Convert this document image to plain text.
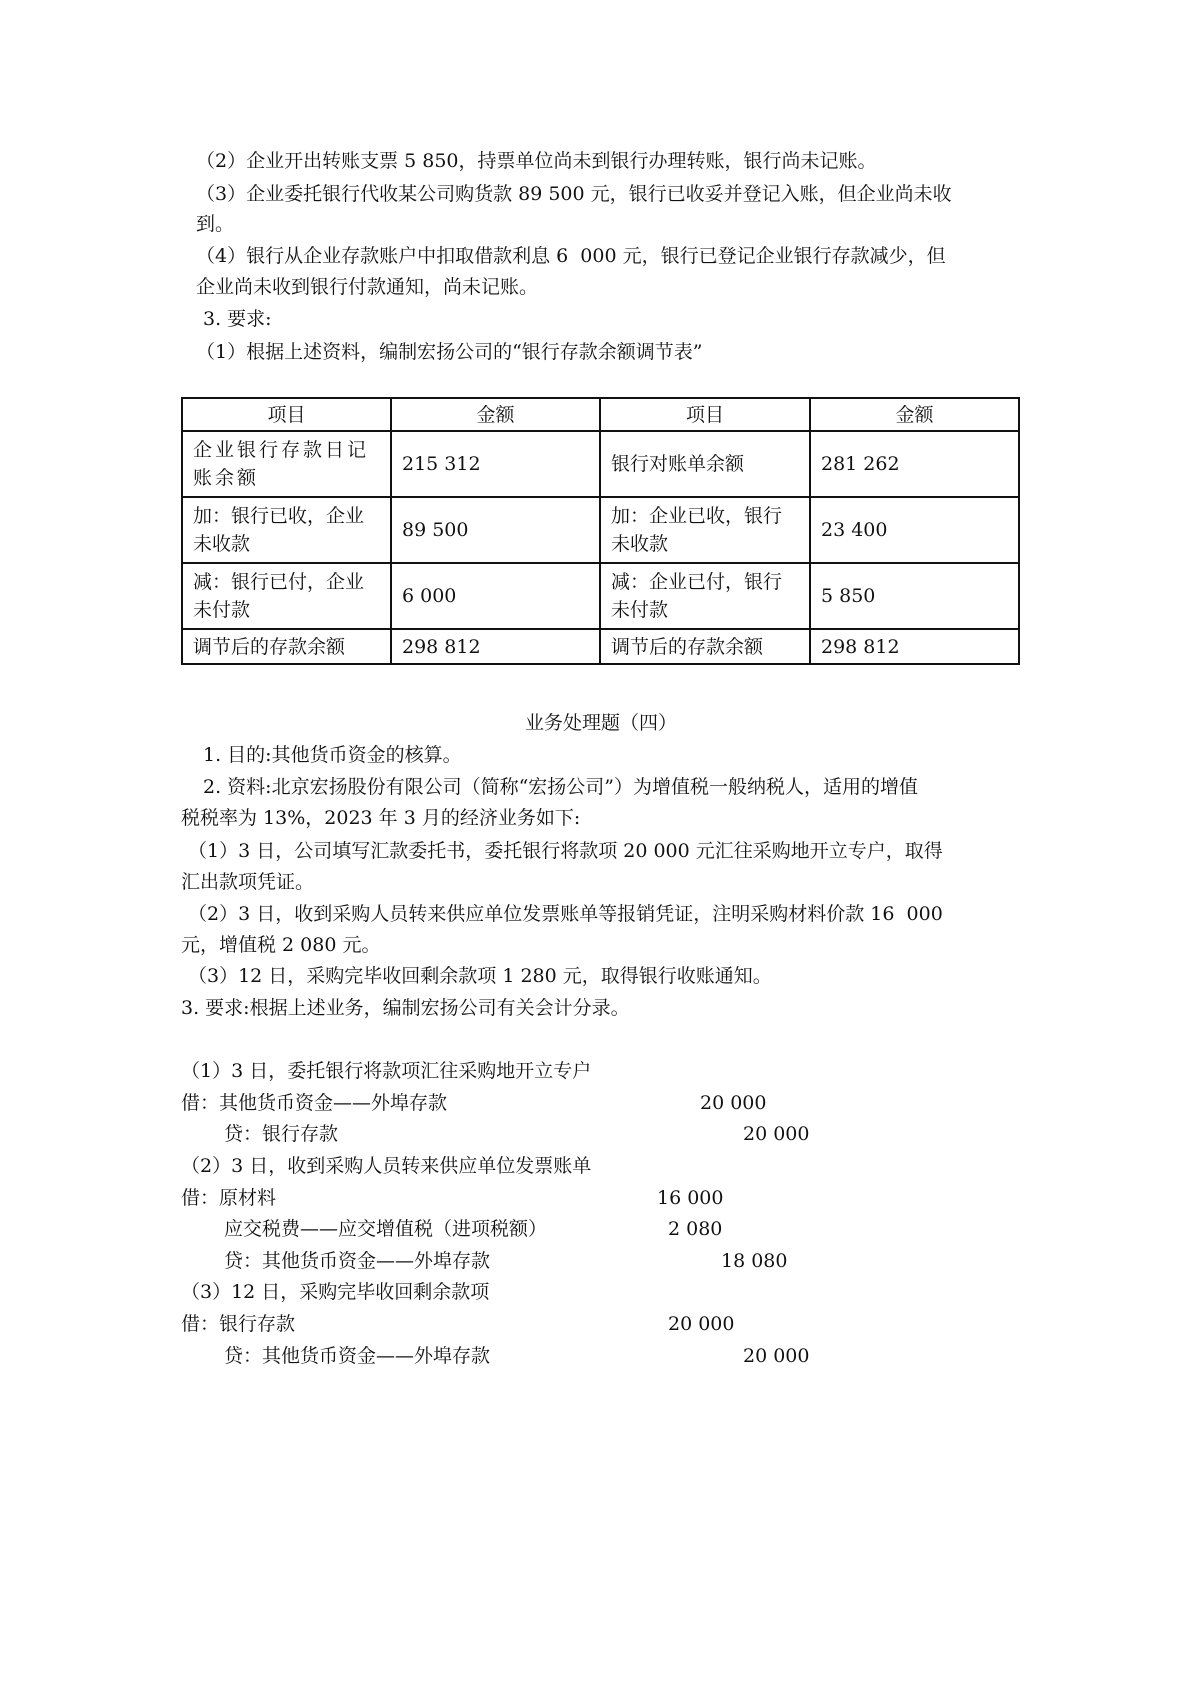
（2）企业开出转账支票 5 850，持票单位尚未到银行办理转账，银行尚未记账。
（3）企业委托银行代收某公司购货款 89 500 元，银行已收妥并登记入账，但企业尚未收
到。
（4）银行从企业存款账户中扣取借款利息 6  000 元，银行已登记企业银行存款减少，但
企业尚未收到银行付款通知，尚未记账。
3. 要求:
（1）根据上述资料，编制宏扬公司的“银行存款余额调节表”
项目	金额	项目	金额
企业银行存款日记账余额	215 312	银行对账单余额	281 262
加：银行已收，企业未收款	89 500	加：企业已收，银行未收款	23 400
减：银行已付，企业未付款	6 000	减：企业已付，银行未付款	5 850
调节后的存款余额	298 812	调节后的存款余额	298 812
业务处理题（四）
1. 目的:其他货币资金的核算。
2. 资料:北京宏扬股份有限公司（简称“宏扬公司”）为增值税一般纳税人，适用的增值
税税率为 13%，2023 年 3 月的经济业务如下:
（1）3 日，公司填写汇款委托书，委托银行将款项 20 000 元汇往采购地开立专户，取得
汇出款项凭证。
（2）3 日，收到采购人员转来供应单位发票账单等报销凭证，注明采购材料价款 16  000
元，增值税 2 080 元。
（3）12 日，采购完毕收回剩余款项 1 280 元，取得银行收账通知。
3. 要求:根据上述业务，编制宏扬公司有关会计分录。
（1）3 日，委托银行将款项汇往采购地开立专户
借：其他货币资金——外埠存款	20 000
贷：银行存款	20 000
（2）3 日，收到采购人员转来供应单位发票账单
借：原材料	16 000
应交税费——应交增值税（进项税额）	2 080
贷：其他货币资金——外埠存款	18 080
（3）12 日，采购完毕收回剩余款项
借：银行存款	20 000
贷：其他货币资金——外埠存款	20 000
